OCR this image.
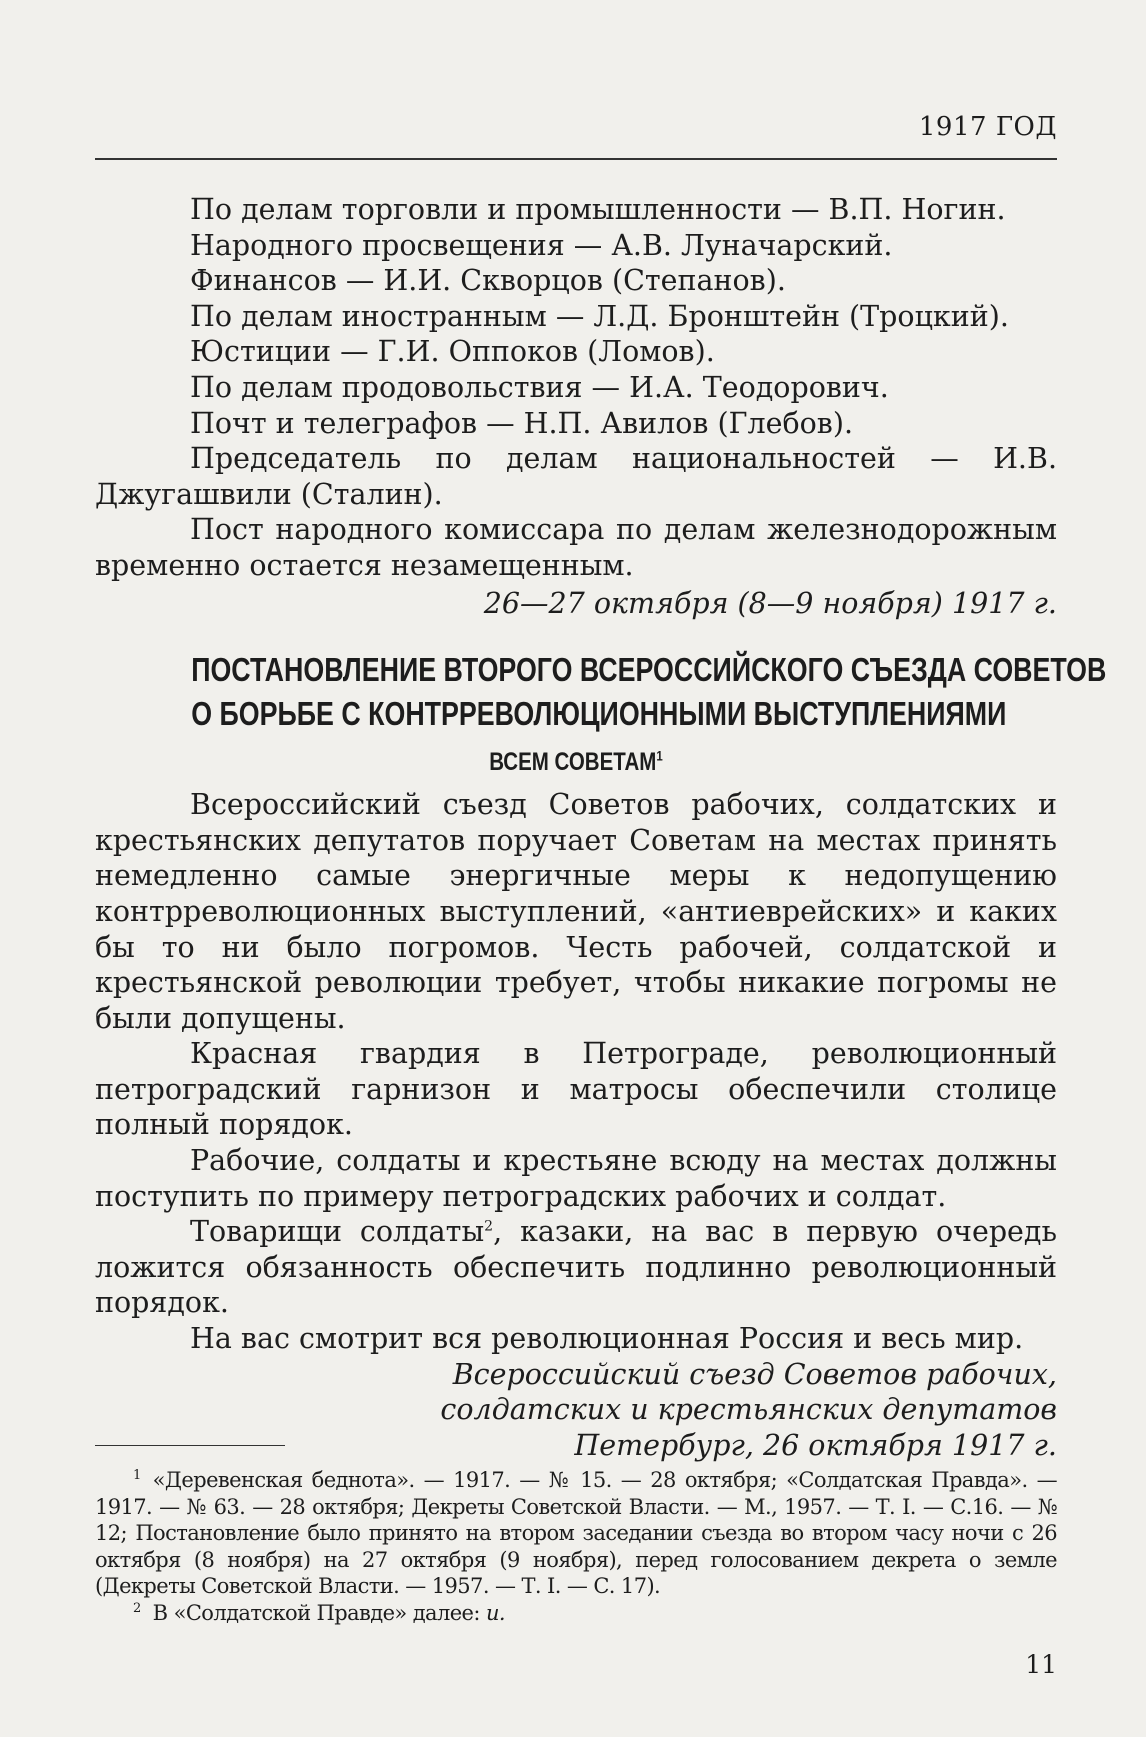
1917 ГОД

По делам торговли и промышленности — В.П. Ногин.

Народного просвещения — А.В. Луначарский.

Финансов — И.И. Скворцов (Степанов).

По делам иностранным — Л.Д. Бронштейн (Троцкий).

Юстиции — Г.И. Оппоков (Ломов).

По делам продовольствия — И.А. Теодорович.

Почт и телеграфов — Н.П. Авилов (Глебов).

Председатель по делам национальностей — И.В. Джугашвили (Сталин).

Пост народного комиссара по делам железнодорожным временно остается незамещенным.

26—27 октября (8—9 ноября) 1917 г.

ПОСТАНОВЛЕНИЕ ВТОРОГО ВСЕРОССИЙСКОГО СЪЕЗДА СОВЕТОВ
О БОРЬБЕ С КОНТРРЕВОЛЮЦИОННЫМИ ВЫСТУПЛЕНИЯМИ
ВСЕМ СОВЕТАМ$^1$

Всероссийский съезд Советов рабочих, солдатских и крестьянских депутатов поручает Советам на местах принять немедленно самые энергичные меры к недопущению контрреволюционных выступлений, «антиеврейских» и каких бы то ни было погромов. Честь рабочей, солдатской и крестьянской революции требует, чтобы никакие погромы не были допущены.

Красная гвардия в Петрограде, революционный петроградский гарнизон и матросы обеспечили столице полный порядок.

Рабочие, солдаты и крестьяне всюду на местах должны поступить по примеру петроградских рабочих и солдат.

Товарищи солдаты$^2$, казаки, на вас в первую очередь ложится обязанность обеспечить подлинно революционный порядок.

На вас смотрит вся революционная Россия и весь мир.

Всероссийский съезд Советов рабочих,

солдатских и крестьянских депутатов

Петербург, 26 октября 1917 г.

$^1$ «Деревенская беднота». — 1917. — № 15. — 28 октября; «Солдатская Правда». — 1917. — № 63. — 28 октября; Декреты Советской Власти. — М., 1957. — Т. I. — С.16. — № 12; Постановление было принято на втором заседании съезда во втором часу ночи с 26 октября (8 ноября) на 27 октября (9 ноября), перед голосованием декрета о земле (Декреты Советской Власти. — 1957. — Т. I. — С. 17).

$^2$ В «Солдатской Правде» далее: и.

11
